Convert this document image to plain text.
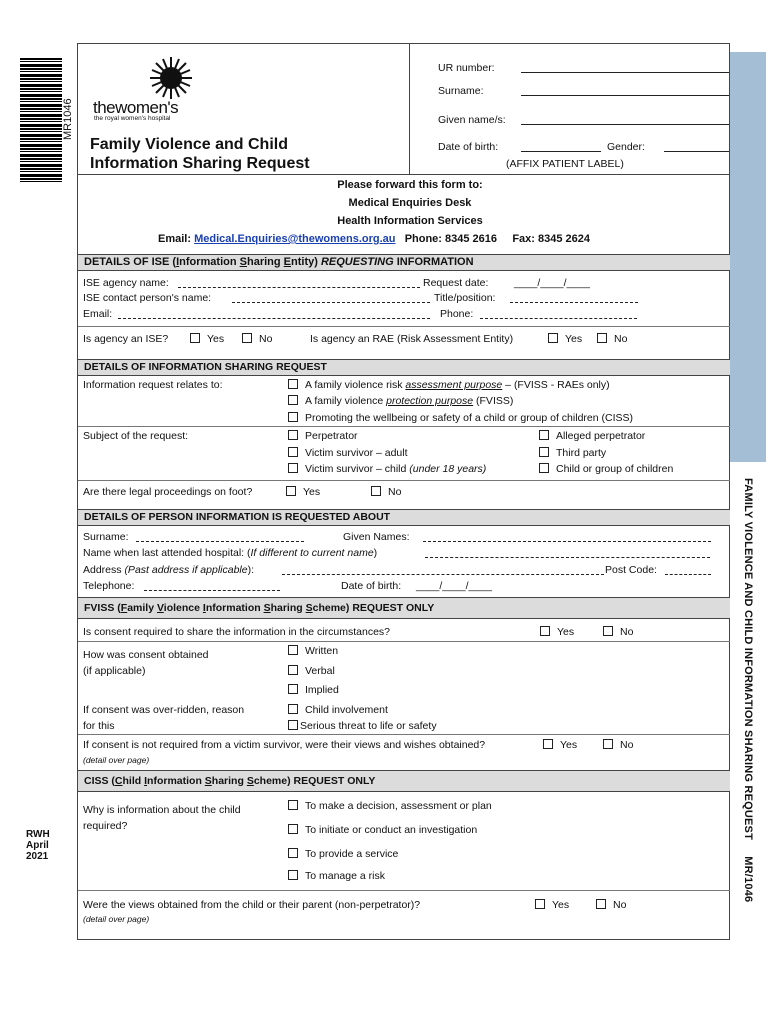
MR1046
FAMILY VIOLENCE AND CHILD INFORMATION SHARING REQUEST     MR/1046
thewomen's
the royal women's hospital
Family Violence and Child
Information Sharing Request
UR number:
Surname:
Given name/s:
Date of birth:	Gender:
(AFFIX PATIENT LABEL)
Please forward this form to:
Medical Enquiries Desk
Health Information Services
Email: Medical.Enquiries@thewomens.org.au Phone: 8345 2616 Fax: 8345 2624
DETAILS OF ISE (Information Sharing Entity) REQUESTING INFORMATION
ISE agency name:	Request date: ____/____/____
ISE contact person's name:	Title/position:
Email:	Phone:
Is agency an ISE?	Yes	No	Is agency an RAE (Risk Assessment Entity)	Yes	No
DETAILS OF INFORMATION SHARING REQUEST
Information request relates to:	A family violence risk assessment purpose – (FVISS - RAEs only)
A family violence protection purpose (FVISS)
Promoting the wellbeing or safety of a child or group of children (CISS)
Subject of the request:	Perpetrator	Alleged perpetrator
Victim survivor – adult	Third party
Victim survivor – child (under 18 years)	Child or group of children
Are there legal proceedings on foot?	Yes	No
DETAILS OF PERSON INFORMATION IS REQUESTED ABOUT
Surname:	Given Names:
Name when last attended hospital: (If different to current name)
Address (Past address if applicable):	Post Code:
Telephone:	Date of birth: ____/____/____
FVISS (Family Violence Information Sharing Scheme) REQUEST ONLY
Is consent required to share the information in the circumstances?	Yes	No
How was consent obtained
(if applicable)
Written
Verbal
Implied
If consent was over-ridden, reason
for this
Child involvement
Serious threat to life or safety
If consent is not required from a victim survivor, were their views and wishes obtained?	Yes	No
(detail over page)
CISS (Child Information Sharing Scheme) REQUEST ONLY
Why is information about the child
required?
To make a decision, assessment or plan
To initiate or conduct an investigation
To provide a service
To manage a risk
Were the views obtained from the child or their parent (non-perpetrator)?	Yes	No
(detail over page)
RWH
April
2021
